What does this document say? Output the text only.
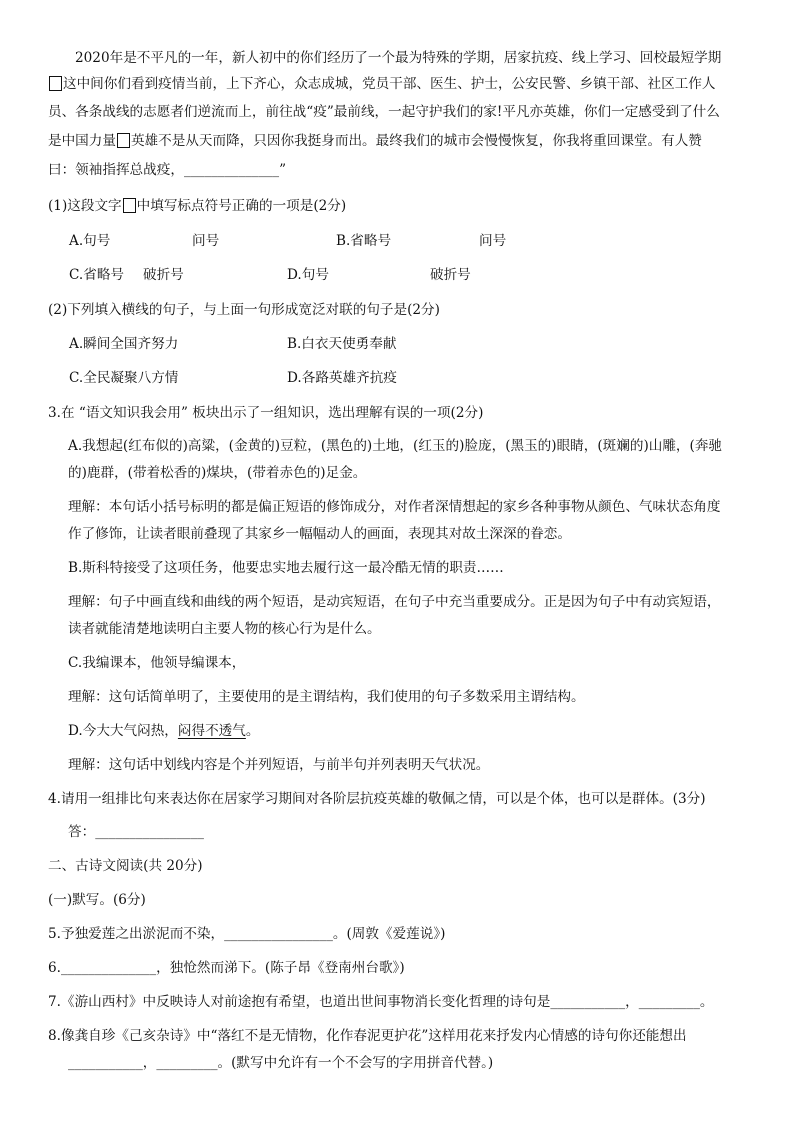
2020年是不平凡的一年，新人初中的你们经历了一个最为特殊的学期，居家抗疫、线上学习、回校最短学期
这中间你们看到疫情当前，上下齐心，众志成城，党员干部、医生、护士，公安民警、乡镇干部、社区工作人
员、各条战线的志愿者们逆流而上，前往战“疫”最前线，一起守护我们的家!平凡亦英雄，你们一定感受到了什么
是中国力量 英雄不是从天而降，只因你我挺身而出。最终我们的城市会慢慢恢复，你我将重回课堂。有人赞
曰：领袖指挥总战疫，______________”
(1)这段文字 中填写标点符号正确的一项是(2分)
A.句号	问号	B.省略号	问号
C.省略号 破折号	D.句号	破折号
(2)下列填入横线的句子，与上面一句形成宽泛对联的句子是(2分)
A.瞬间全国齐努力	B.白衣天使勇奉献
C.全民凝聚八方情	D.各路英雄齐抗疫
3.在 “语文知识我会用” 板块出示了一组知识，选出理解有误的一项(2分)
A.我想起(红布似的)高粱，(金黄的)豆粒，(黑色的)土地，(红玉的)脸庞，(黑玉的)眼睛，(斑斓的)山雕，(奔驰
的)鹿群，(带着松香的)煤块，(带着赤色的)足金。
理解：本句话小括号标明的都是偏正短语的修饰成分，对作者深情想起的家乡各种事物从颜色、气味状态角度
作了修饰，让读者眼前叠现了其家乡一幅幅动人的画面，表现其对故土深深的眷恋。
B.斯科特接受了这项任务，他要忠实地去履行这一最冷酷无情的职责……
理解：句子中画直线和曲线的两个短语，是动宾短语，在句子中充当重要成分。正是因为句子中有动宾短语，
读者就能清楚地读明白主要人物的核心行为是什么。
C.我编课本，他领导编课本，
理解：这句话简单明了，主要使用的是主谓结构，我们使用的句子多数采用主谓结构。
D.今大大气闷热，闷得不透气。
理解：这句话中划线内容是个并列短语，与前半句并列表明天气状况。
4.请用一组排比句来表达你在居家学习期间对各阶层抗疫英雄的敬佩之情，可以是个体，也可以是群体。(3分)
答：________________
二、古诗文阅读(共 20分)
(一)默写。(6分)
5.予独爱莲之出淤泥而不染，________________。(周敦《爱莲说》)
6.______________，独怆然而涕下。(陈子昂《登南州台歌》)
7.《游山西村》中反映诗人对前途抱有希望，也道出世间事物消长变化哲理的诗句是___________，_________。
8.像龚自珍《己亥杂诗》中“落红不是无情物，化作春泥更护花”这样用花来抒发内心情感的诗句你还能想出
___________，_________。(默写中允许有一个不会写的字用拼音代替。)
